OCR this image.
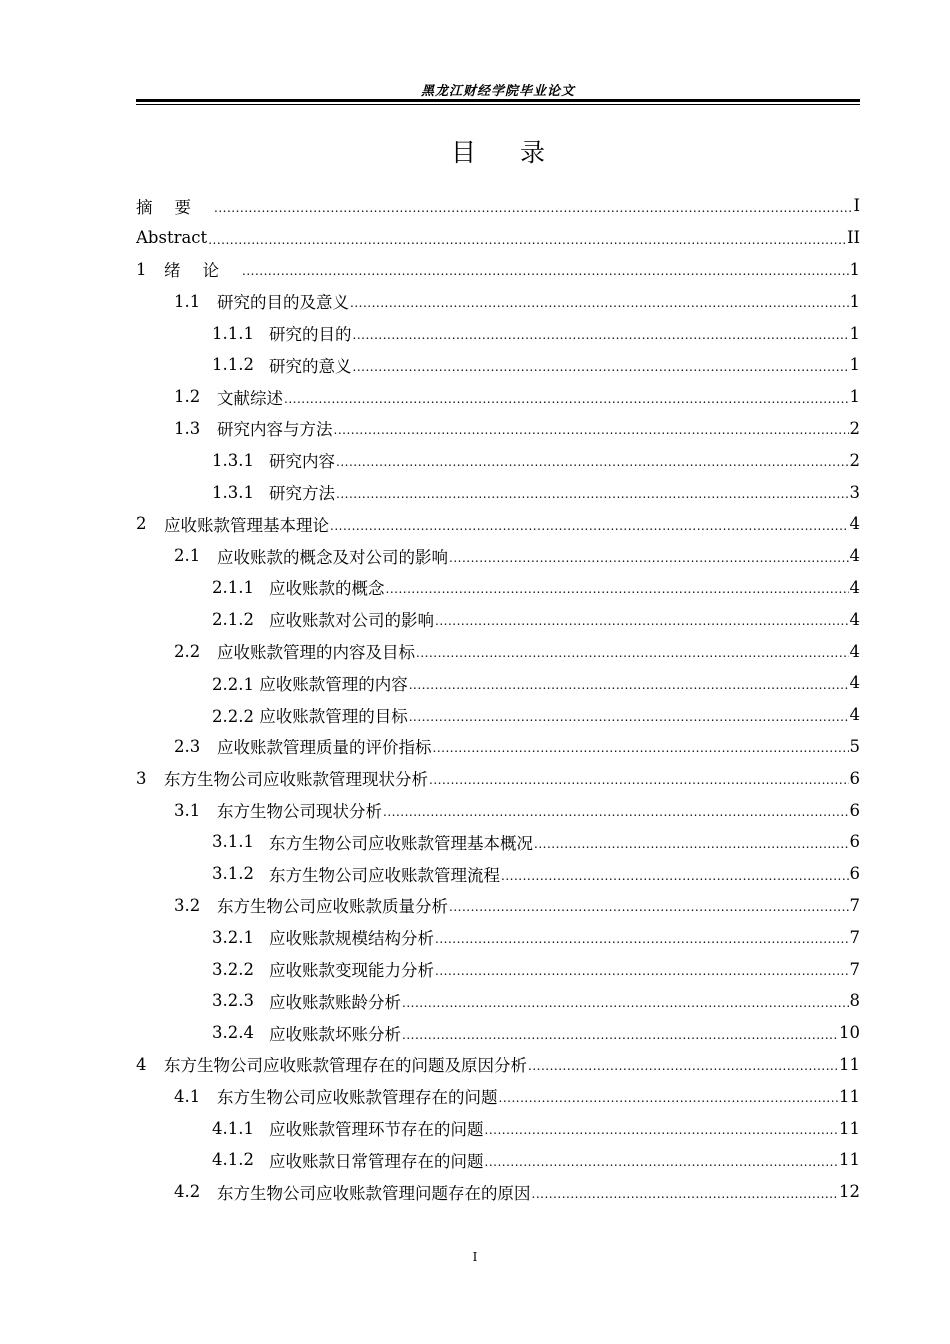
黑龙江财经学院毕业论文
目录
摘要 .....	I
Abstract .....	II
1	绪论 .....	1
1.1	研究的目的及意义 .....	1
1.1.1 研究的目的 .....	1
1.1.2 研究的意义 .....	1
1.2	文献综述 .....	1
1.3	研究内容与方法 .....	2
1.3.1 研究内容 .....	2
1.3.1 研究方法 .....	3
2	应收账款管理基本理论 .....	4
2.1	应收账款的概念及对公司的影响 .....	4
2.1.1 应收账款的概念 .....	4
2.1.2 应收账款对公司的影响 .....	4
2.2	应收账款管理的内容及目标 .....	4
2.2.1 应收账款管理的内容 .....	4
2.2.2 应收账款管理的目标 .....	4
2.3	应收账款管理质量的评价指标 .....	5
3	东方生物公司应收账款管理现状分析 .....	6
3.1	东方生物公司现状分析 .....	6
3.1.1 东方生物公司应收账款管理基本概况 .....	6
3.1.2 东方生物公司应收账款管理流程 .....	6
3.2	东方生物公司应收账款质量分析 .....	7
3.2.1 应收账款规模结构分析 .....	7
3.2.2 应收账款变现能力分析 .....	7
3.2.3 应收账款账龄分析 .....	8
3.2.4 应收账款坏账分析 .....	10
4	东方生物公司应收账款管理存在的问题及原因分析 .....	11
4.1	东方生物公司应收账款管理存在的问题 .....	11
4.1.1 应收账款管理环节存在的问题 .....	11
4.1.2 应收账款日常管理存在的问题 .....	11
4.2	东方生物公司应收账款管理问题存在的原因 .....	12
I
